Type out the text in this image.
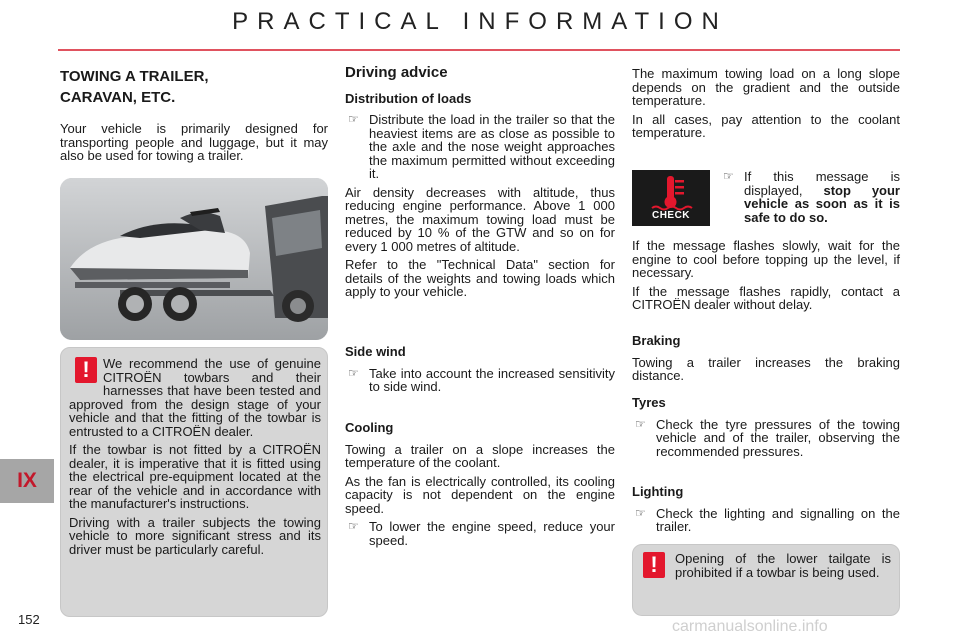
PRACTICAL INFORMATION
IX
152	carmanualsonline.info
TOWING A TRAILER,
CARAVAN, ETC.

Your vehicle is primarily designed for transporting people and luggage, but it may also be used for towing a trailer.

!	We recommend the use of genuine CITROËN towbars and their harnesses that have been tested and approved from the design stage of your vehicle and that the fitting of the towbar is entrusted to a CITROËN dealer.

If the towbar is not fitted by a CITROËN dealer, it is imperative that it is fitted using the electrical pre-equipment located at the rear of the vehicle and in accordance with the manufacturer's instructions.

Driving with a trailer subjects the towing vehicle to more significant stress and its driver must be particularly careful.

Driving advice
Distribution of loads
☞ Distribute the load in the trailer so that the heaviest items are as close as possible to the axle and the nose weight approaches the maximum permitted without exceeding it.

Air density decreases with altitude, thus reducing engine performance. Above 1 000 metres, the maximum towing load must be reduced by 10 % of the GTW and so on for every 1 000 metres of altitude.

Refer to the "Technical Data" section for details of the weights and towing loads which apply to your vehicle.

Side wind
☞ Take into account the increased sensitivity to side wind.
Cooling

Towing a trailer on a slope increases the temperature of the coolant.

As the fan is electrically controlled, its cooling capacity is not dependent on the engine speed.

☞ To lower the engine speed, reduce your speed.

The maximum towing load on a long slope depends on the gradient and the outside temperature.

In all cases, pay attention to the coolant temperature.

CHECK
☞ If this message is displayed, stop your vehicle as soon as it is safe to do so.

If the message flashes slowly, wait for the engine to cool before topping up the level, if necessary.

If the message flashes rapidly, contact a CITROËN dealer without delay.

Braking

Towing a trailer increases the braking distance.

Tyres
☞ Check the tyre pressures of the towing vehicle and of the trailer, observing the recommended pressures.
Lighting
☞ Check the lighting and signalling on the trailer.
!	Opening of the lower tailgate is prohibited if a towbar is being used.
